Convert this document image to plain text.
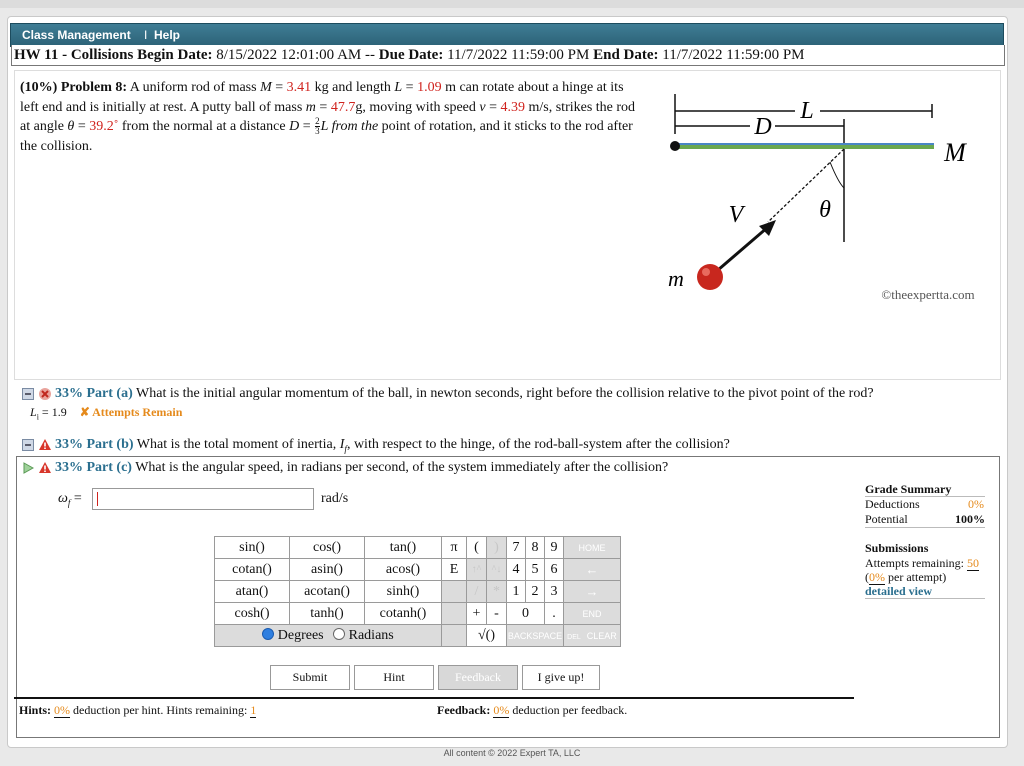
Class Management I Help
HW 11 - Collisions Begin Date: 8/15/2022 12:01:00 AM -- Due Date: 11/7/2022 11:59:00 PM End Date: 11/7/2022 11:59:00 PM
(10%) Problem 8: A uniform rod of mass M = 3.41 kg and length L = 1.09 m can rotate about a hinge at its left end and is initially at rest. A putty ball of mass m = 47.7g, moving with speed v = 4.39 m/s, strikes the rod at angle θ = 39.2˚ from the normal at a distance $D = \frac{2}{3}$ L from the point of rotation, and it sticks to the rod after the collision.
L
D
M
θ
V
m
©theexpertta.com
33% Part (a) What is the initial angular momentum of the ball, in newton seconds, right before the collision relative to the pivot point of the rod?
$L_i = 1.9$ ✘ Attempts Remain
33% Part (b) What is the total moment of inertia, $I_f$, with respect to the hinge, of the rod-ball-system after the collision?
33% Part (c) What is the angular speed, in radians per second, of the system immediately after the collision?
$\omega_f$ =	rad/s
sin()	cos()	tan()	π	(	)	7	8	9	HOME
cotan()	asin()	acos()	E	↑^	^↓	4	5	6	←
atan()	acotan()	sinh()		/	*	1	2	3	→
cosh()	tanh()	cotanh()		+	-	0		.	END
Degrees Radians				√()		BACKSPACE			DEL CLEAR
Submit	Hint	Feedback	I give up!
Hints: 0% deduction per hint. Hints remaining: 1	Feedback: 0% deduction per feedback.
Grade Summary
Deductions	0%
Potential	100%
Submissions
Attempts remaining: 50
(0% per attempt)
detailed view
All content © 2022 Expert TA, LLC
